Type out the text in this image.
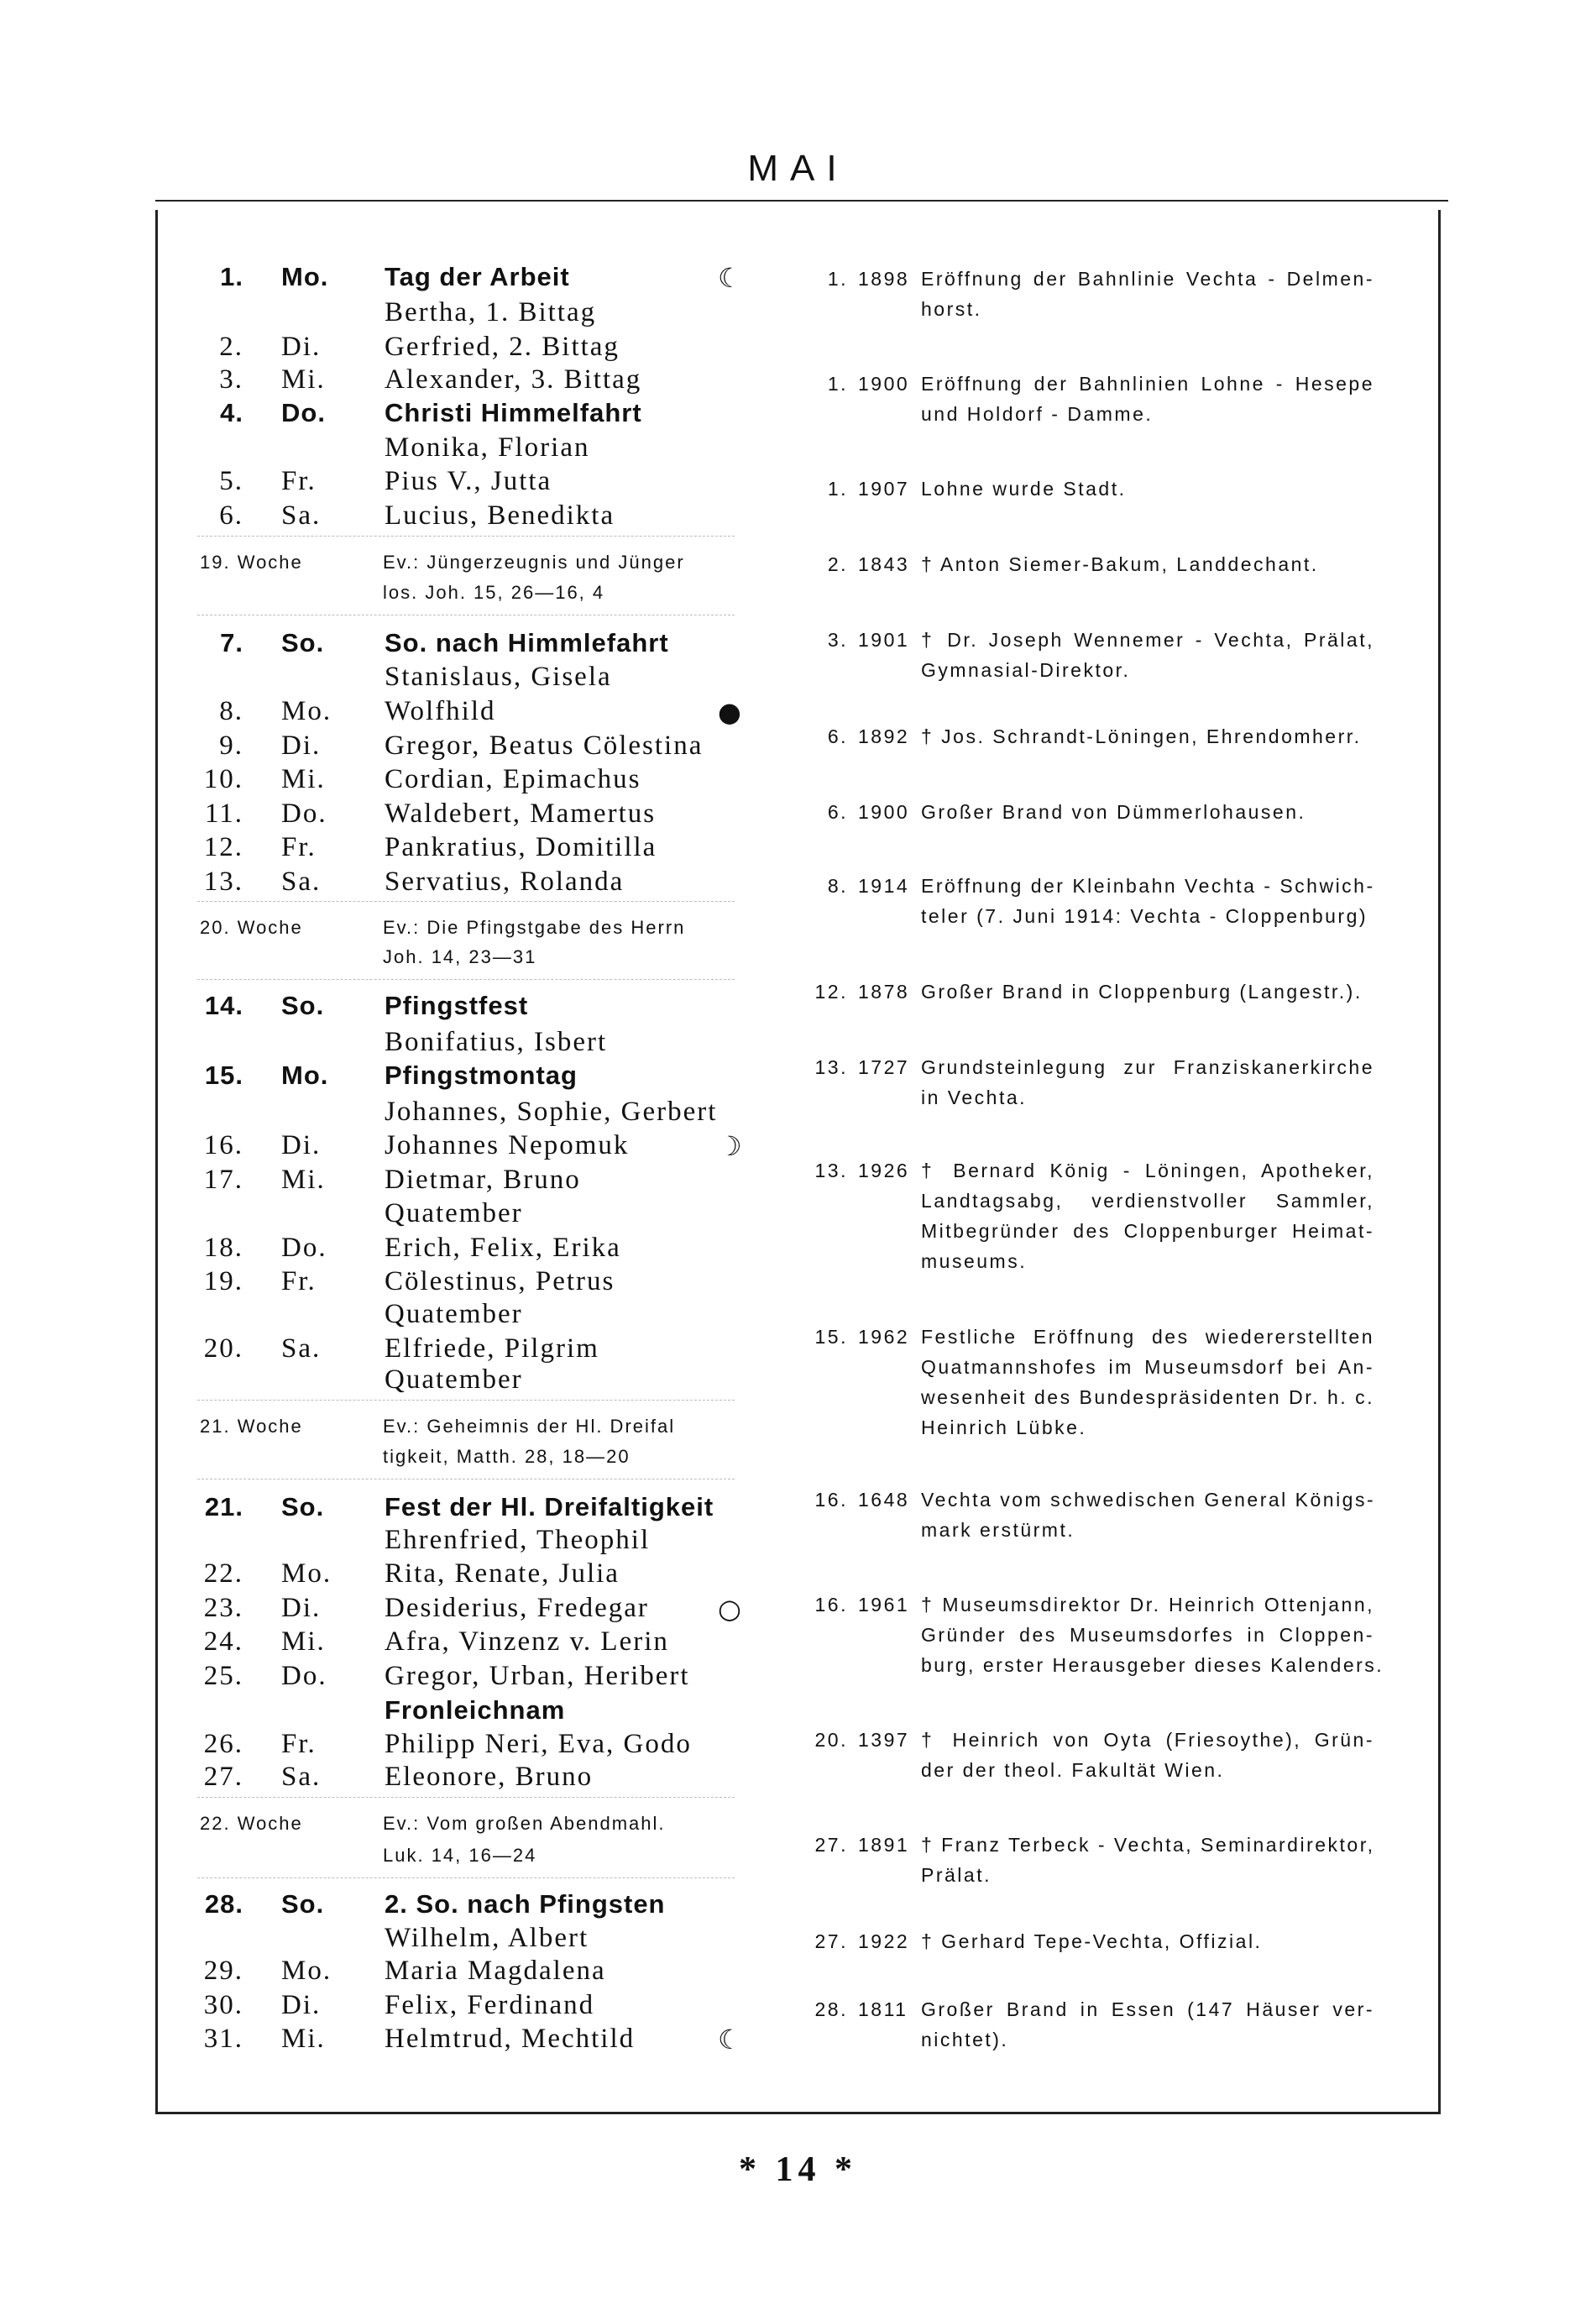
MAI
1. Mo. Tag der Arbeit	☾
Bertha, 1. Bittag
2. Di. Gerfried, 2. Bittag
3. Mi. Alexander, 3. Bittag
4. Do. Christi Himmelfahrt
Monika, Florian
5. Fr. Pius V., Jutta
6. Sa. Lucius, Benedikta
19. Woche	Ev.: Jüngerzeugnis und Jünger
los. Joh. 15, 26—16, 4
7. So. So. nach Himmlefahrt
Stanislaus, Gisela
8. Mo. Wolfhild	●
9. Di. Gregor, Beatus Cölestina
10. Mi. Cordian, Epimachus
11. Do. Waldebert, Mamertus
12. Fr. Pankratius, Domitilla
13. Sa. Servatius, Rolanda
20. Woche	Ev.: Die Pfingstgabe des Herrn
Joh. 14, 23—31
14. So. Pfingstfest
Bonifatius, Isbert
15. Mo. Pfingstmontag
Johannes, Sophie, Gerbert
16. Di. Johannes Nepomuk	☽
17. Mi. Dietmar, Bruno
Quatember
18. Do. Erich, Felix, Erika
19. Fr. Cölestinus, Petrus
Quatember
20. Sa. Elfriede, Pilgrim
Quatember
21. Woche	Ev.: Geheimnis der Hl. Dreifal
tigkeit, Matth. 28, 18—20
21. So. Fest der Hl. Dreifaltigkeit
Ehrenfried, Theophil
22. Mo. Rita, Renate, Julia
23. Di. Desiderius, Fredegar	○
24. Mi. Afra, Vinzenz v. Lerin
25. Do. Gregor, Urban, Heribert
Fronleichnam
26. Fr. Philipp Neri, Eva, Godo
27. Sa. Eleonore, Bruno
22. Woche	Ev.: Vom großen Abendmahl.
Luk. 14, 16—24
28. So. 2. So. nach Pfingsten
Wilhelm, Albert
29. Mo. Maria Magdalena
30. Di. Felix, Ferdinand
31. Mi. Helmtrud, Mechtild	☾
1. 1898 Eröffnung der Bahnlinie Vechta - Delmen-
horst.
1. 1900 Eröffnung der Bahnlinien Lohne - Hesepe
und Holdorf - Damme.
1. 1907 Lohne wurde Stadt.
2. 1843 † Anton Siemer-Bakum, Landdechant.
3. 1901 † Dr. Joseph Wennemer - Vechta, Prälat,
Gymnasial-Direktor.
6. 1892 † Jos. Schrandt-Löningen, Ehrendomherr.
6. 1900 Großer Brand von Dümmerlohausen.
8. 1914 Eröffnung der Kleinbahn Vechta - Schwich-
teler (7. Juni 1914: Vechta - Cloppenburg)
12. 1878 Großer Brand in Cloppenburg (Langestr.).
13. 1727 Grundsteinlegung zur Franziskanerkirche
in Vechta.
13. 1926 † Bernard König - Löningen, Apotheker,
Landtagsabg, verdienstvoller Sammler,
Mitbegründer des Cloppenburger Heimat-
museums.
15. 1962 Festliche Eröffnung des wiedererstellten
Quatmannshofes im Museumsdorf bei An-
wesenheit des Bundespräsidenten Dr. h. c.
Heinrich Lübke.
16. 1648 Vechta vom schwedischen General Königs-
mark erstürmt.
16. 1961 † Museumsdirektor Dr. Heinrich Ottenjann,
Gründer des Museumsdorfes in Cloppen-
burg, erster Herausgeber dieses Kalenders.
20. 1397 † Heinrich von Oyta (Friesoythe), Grün-
der der theol. Fakultät Wien.
27. 1891 † Franz Terbeck - Vechta, Seminardirektor,
Prälat.
27. 1922 † Gerhard Tepe-Vechta, Offizial.
28. 1811 Großer Brand in Essen (147 Häuser ver-
nichtet).
* 14 *
